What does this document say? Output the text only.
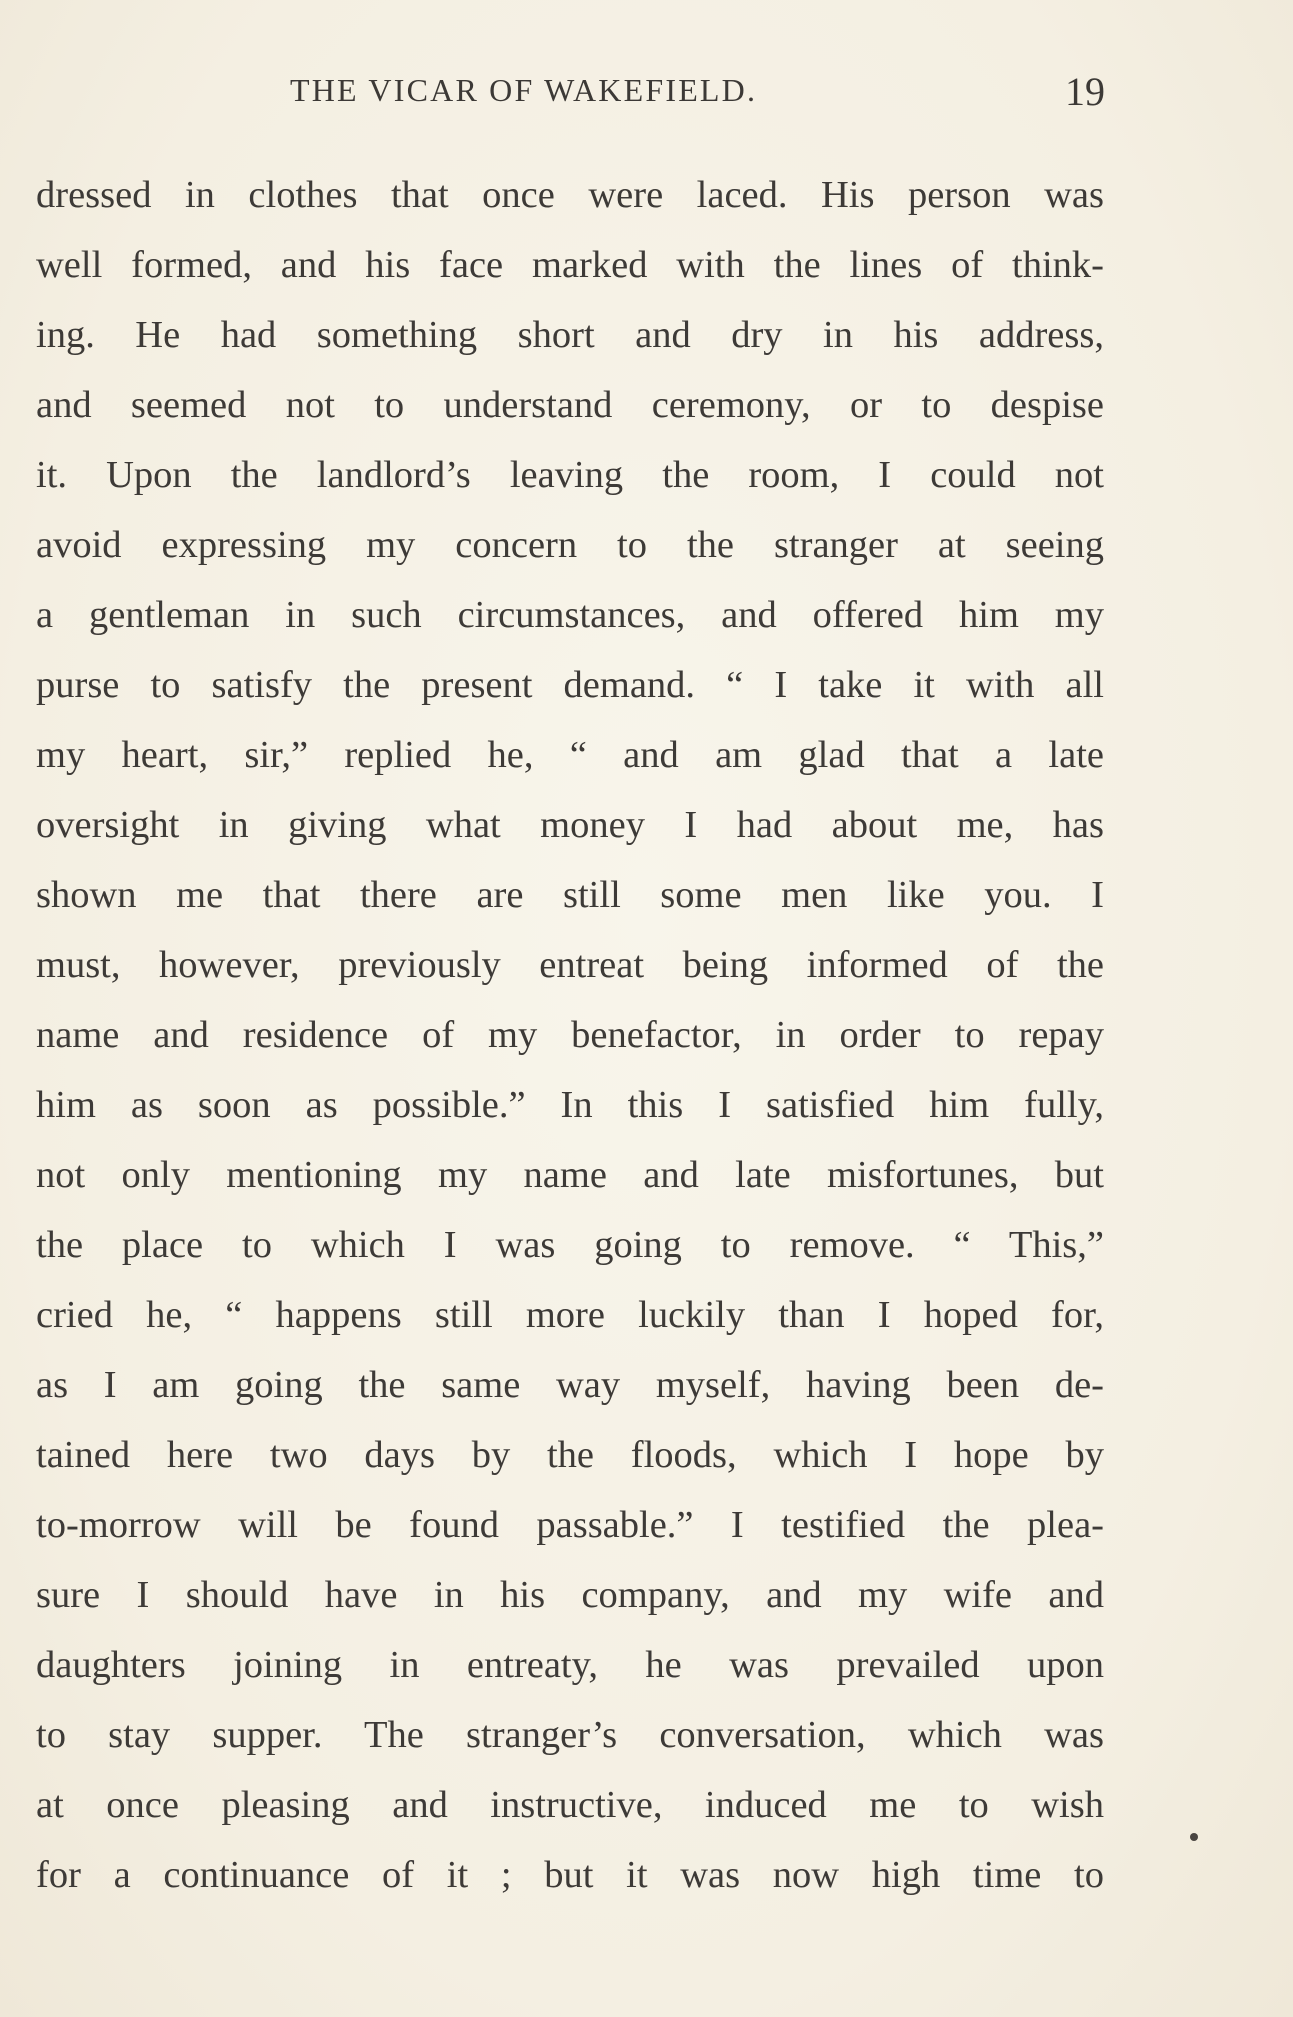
THE VICAR OF WAKEFIELD.	19
dressed in clothes that once were laced. His person was
well formed, and his face marked with the lines of think-
ing. He had something short and dry in his address,
and seemed not to understand ceremony, or to despise
it. Upon the landlord’s leaving the room, I could not
avoid expressing my concern to the stranger at seeing
a gentleman in such circumstances, and offered him my
purse to satisfy the present demand. “ I take it with all
my heart, sir,” replied he, “ and am glad that a late
oversight in giving what money I had about me, has
shown me that there are still some men like you. I
must, however, previously entreat being informed of the
name and residence of my benefactor, in order to repay
him as soon as possible.” In this I satisfied him fully,
not only mentioning my name and late misfortunes, but
the place to which I was going to remove. “ This,”
cried he, “ happens still more luckily than I hoped for,
as I am going the same way myself, having been de-
tained here two days by the floods, which I hope by
to-morrow will be found passable.” I testified the plea-
sure I should have in his company, and my wife and
daughters joining in entreaty, he was prevailed upon
to stay supper. The stranger’s conversation, which was
at once pleasing and instructive, induced me to wish
for a continuance of it ; but it was now high time to
